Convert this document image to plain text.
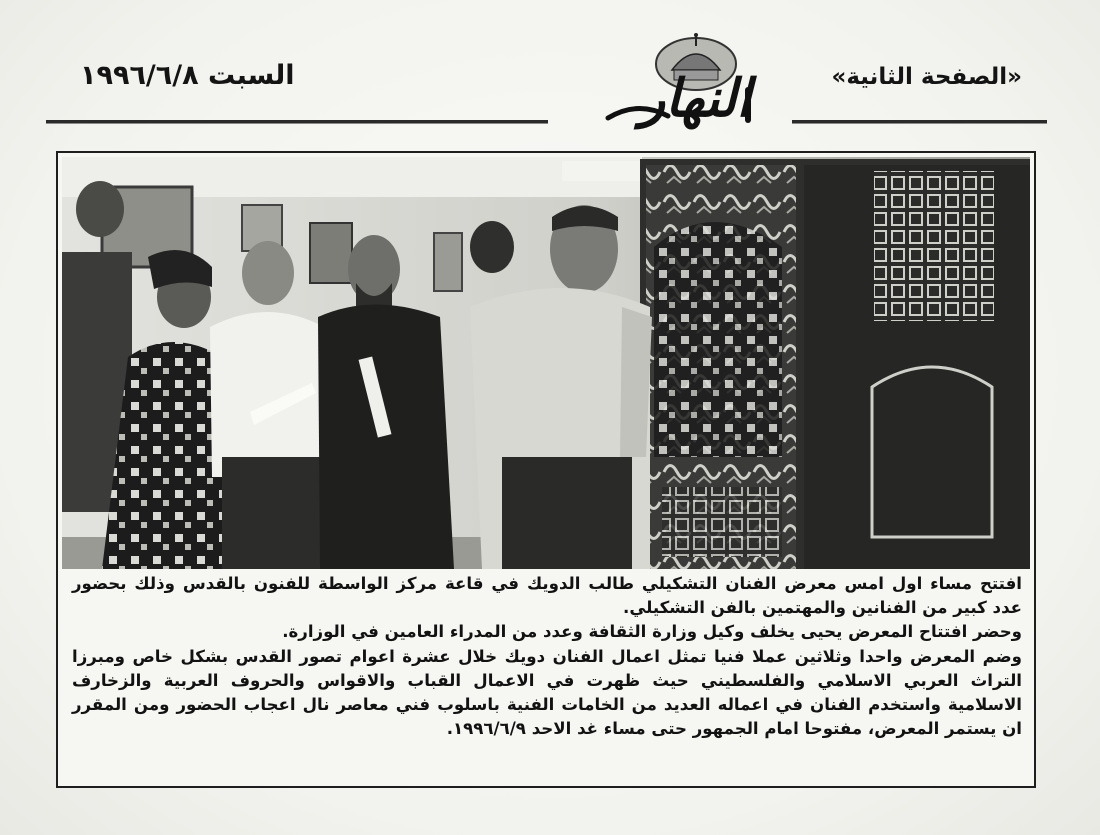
«الصفحة الثانية»
النهار
السبت ١٩٩٦/٦/٨

افتتح مساء اول امس معرض الفنان التشكيلي طالب الدويك في قاعة مركز الواسطة للفنون بالقدس وذلك بحضور عدد كبير من الفنانين والمهتمين بالفن التشكيلي.

وحضر افتتاح المعرض يحيى يخلف وكيل وزارة الثقافة وعدد من المدراء العامين في الوزارة.

وضم المعرض واحدا وثلاثين عملا فنيا تمثل اعمال الفنان دويك خلال عشرة اعوام تصور القدس بشكل خاص ومبرزا التراث العربي الاسلامي والفلسطيني حيث ظهرت في الاعمال القباب والاقواس والحروف العربية والزخارف الاسلامية واستخدم الفنان في اعماله العديد من الخامات الفنية باسلوب فني معاصر نال اعجاب الحضور ومن المقرر ان يستمر المعرض، مفتوحا امام الجمهور حتى مساء غد الاحد ١٩٩٦/٦/٩.
